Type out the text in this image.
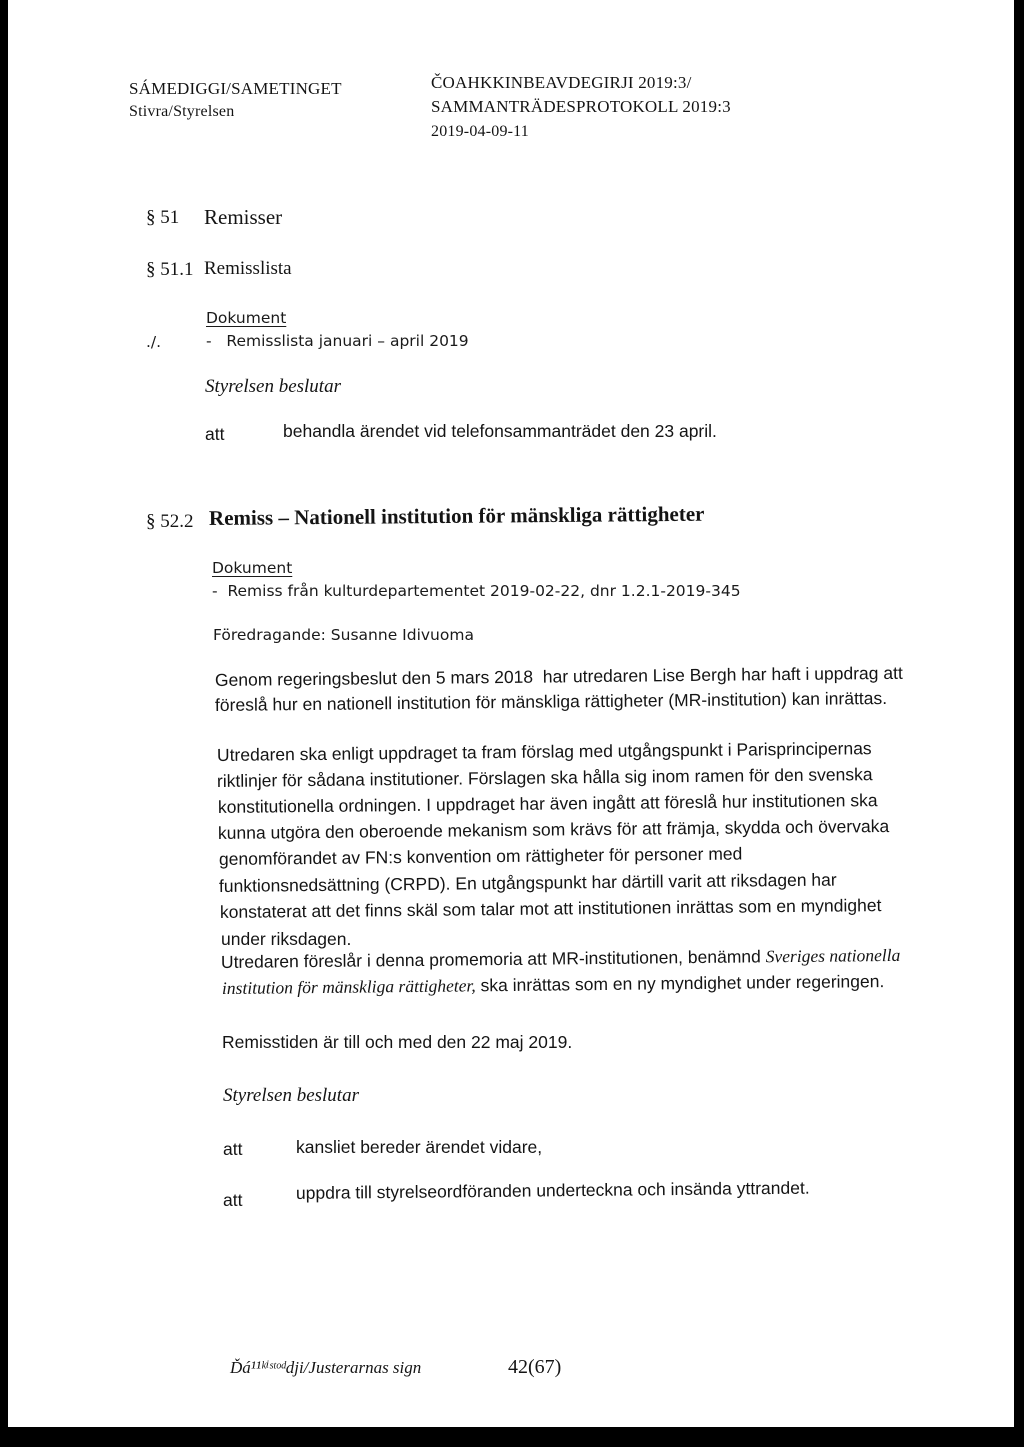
SÁMEDIGGI/SAMETINGET
Stivra/Styrelsen
ČOAHKKINBEAVDEGIRJI 2019:3/
SAMMANTRÄDESPROTOKOLL 2019:3
2019-04-09-11
§ 51 Remisser
§ 51.1 Remisslista
Dokument
./.	-   Remisslista januari – april 2019
Styrelsen beslutar
att	behandla ärendet vid telefonsammanträdet den 23 april.
§ 52.2 Remiss – Nationell institution för mänskliga rättigheter
Dokument
-  Remiss från kulturdepartementet 2019-02-22, dnr 1.2.1-2019-345
Föredragande: Susanne Idivuoma
Genom regeringsbeslut den 5 mars 2018  har utredaren Lise Bergh har haft i uppdrag att
föreslå hur en nationell institution för mänskliga rättigheter (MR-institution) kan inrättas.
Utredaren ska enligt uppdraget ta fram förslag med utgångspunkt i Parisprincipernas
riktlinjer för sådana institutioner. Förslagen ska hålla sig inom ramen för den svenska
konstitutionella ordningen. I uppdraget har även ingått att föreslå hur institutionen ska
kunna utgöra den oberoende mekanism som krävs för att främja, skydda och övervaka
genomförandet av FN:s konvention om rättigheter för personer med
funktionsnedsättning (CRPD). En utgångspunkt har därtill varit att riksdagen har
konstaterat att det finns skäl som talar mot att institutionen inrättas som en myndighet
under riksdagen.
Utredaren föreslår i denna promemoria att MR-institutionen, benämnd Sveriges nationella
institution för mänskliga rättigheter, ska inrättas som en ny myndighet under regeringen.
Remisstiden är till och med den 22 maj 2019.
Styrelsen beslutar
att	kansliet bereder ärendet vidare,
att	uppdra till styrelseordföranden underteckna och insända yttrandet.
Ďá¹¹ᵏⁱˢᵗᵒᵈdji/Justerarnas sign	42(67)
